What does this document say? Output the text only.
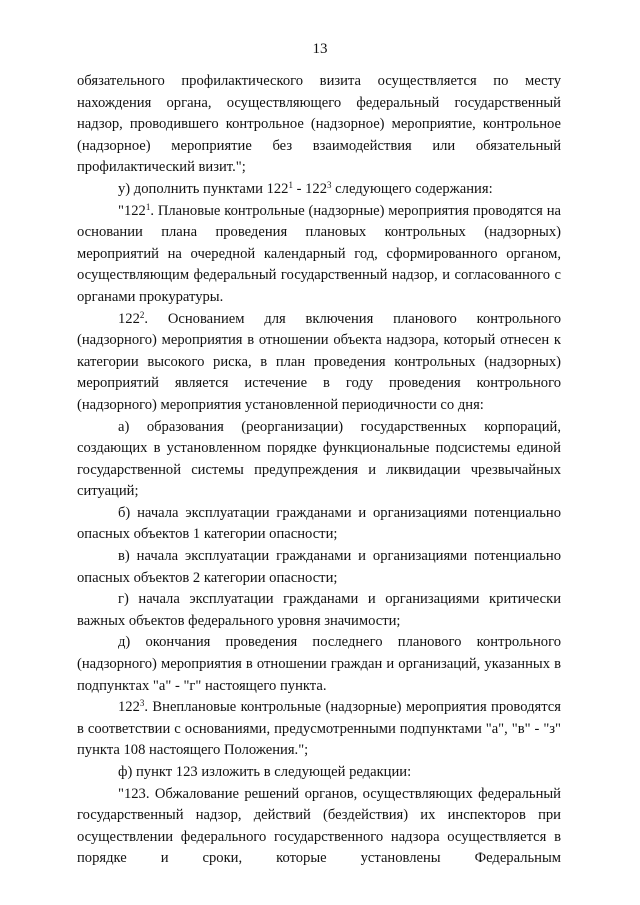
13

обязательного профилактического визита осуществляется по месту нахождения органа, осуществляющего федеральный государственный надзор, проводившего контрольное (надзорное) мероприятие, контрольное (надзорное) мероприятие без взаимодействия или обязательный профилактический визит.";

у) дополнить пунктами $122^1 - 122^3$ следующего содержания:

"$122^1$. Плановые контрольные (надзорные) мероприятия проводятся на основании плана проведения плановых контрольных (надзорных) мероприятий на очередной календарный год, сформированного органом, осуществляющим федеральный государственный надзор, и согласованного с органами прокуратуры.

$122^2$. Основанием для включения планового контрольного (надзорного) мероприятия в отношении объекта надзора, который отнесен к категории высокого риска, в план проведения контрольных (надзорных) мероприятий является истечение в году проведения контрольного (надзорного) мероприятия установленной периодичности со дня:

а) образования (реорганизации) государственных корпораций, создающих в установленном порядке функциональные подсистемы единой государственной системы предупреждения и ликвидации чрезвычайных ситуаций;

б) начала эксплуатации гражданами и организациями потенциально опасных объектов 1 категории опасности;

в) начала эксплуатации гражданами и организациями потенциально опасных объектов 2 категории опасности;

г) начала эксплуатации гражданами и организациями критически важных объектов федерального уровня значимости;

д) окончания проведения последнего планового контрольного (надзорного) мероприятия в отношении граждан и организаций, указанных в подпунктах "а" - "г" настоящего пункта.

$122^3$. Внеплановые контрольные (надзорные) мероприятия проводятся в соответствии с основаниями, предусмотренными подпунктами "а", "в" - "з" пункта 108 настоящего Положения.";

ф) пункт 123 изложить в следующей редакции:

"123. Обжалование решений органов, осуществляющих федеральный государственный надзор, действий (бездействия) их инспекторов при осуществлении федерального государственного надзора осуществляется в порядке и сроки, которые установлены Федеральным
